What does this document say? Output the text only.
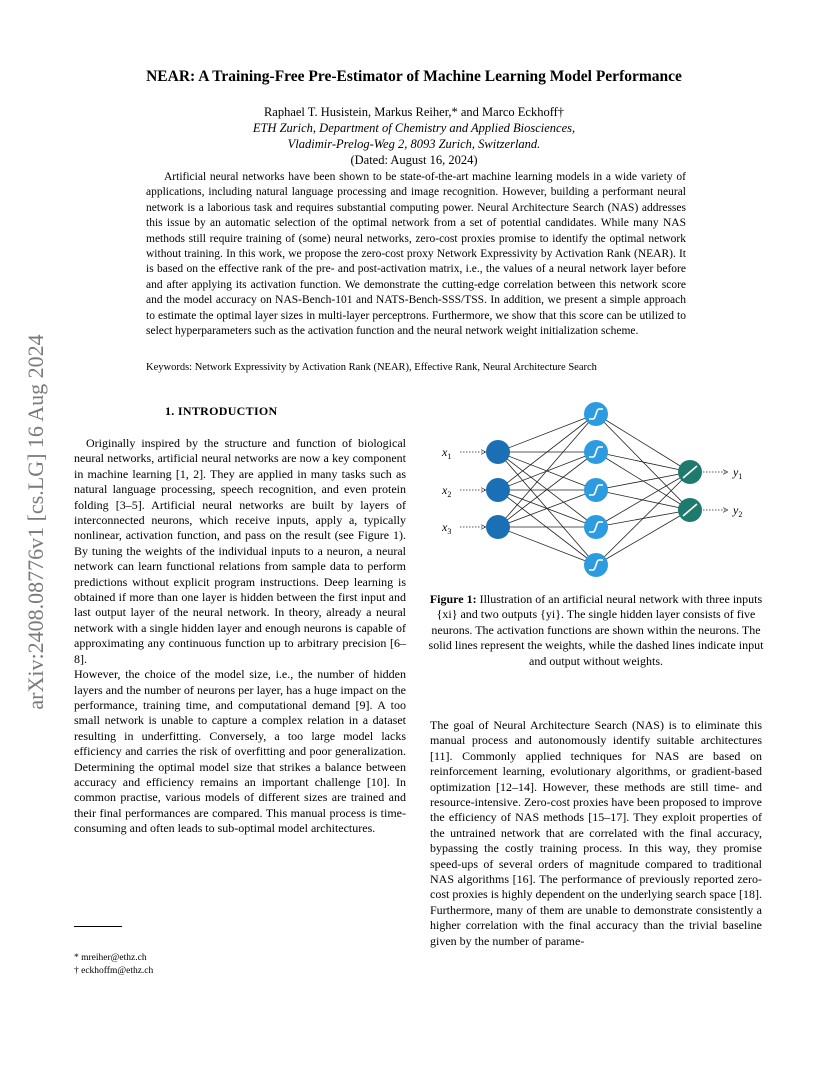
arXiv:2408.08776v1 [cs.LG] 16 Aug 2024
NEAR: A Training-Free Pre-Estimator of Machine Learning Model Performance
Raphael T. Husistein, Markus Reiher,* and Marco Eckhoff†
ETH Zurich, Department of Chemistry and Applied Biosciences,
Vladimir-Prelog-Weg 2, 8093 Zurich, Switzerland.
(Dated: August 16, 2024)

Artificial neural networks have been shown to be state-of-the-art machine learning models in a wide variety of applications, including natural language processing and image recognition. However, building a performant neural network is a laborious task and requires substantial computing power. Neural Architecture Search (NAS) addresses this issue by an automatic selection of the optimal network from a set of potential candidates. While many NAS methods still require training of (some) neural networks, zero-cost proxies promise to identify the optimal network without training. In this work, we propose the zero-cost proxy Network Expressivity by Activation Rank (NEAR). It is based on the effective rank of the pre- and post-activation matrix, i.e., the values of a neural network layer before and after applying its activation function. We demonstrate the cutting-edge correlation between this network score and the model accuracy on NAS-Bench-101 and NATS-Bench-SSS/TSS. In addition, we present a simple approach to estimate the optimal layer sizes in multi-layer perceptrons. Furthermore, we show that this score can be utilized to select hyperparameters such as the activation function and the neural network weight initialization scheme.

Keywords: Network Expressivity by Activation Rank (NEAR), Effective Rank, Neural Architecture Search

1. INTRODUCTION

Originally inspired by the structure and function of biological neural networks, artificial neural networks are now a key component in machine learning [1, 2]. They are applied in many tasks such as natural language processing, speech recognition, and even protein folding [3–5]. Artificial neural networks are built by layers of interconnected neurons, which receive inputs, apply a, typically nonlinear, activation function, and pass on the result (see Figure 1). By tuning the weights of the individual inputs to a neuron, a neural network can learn functional relations from sample data to perform predictions without explicit program instructions. Deep learning is obtained if more than one layer is hidden between the first input and last output layer of the neural network. In theory, already a neural network with a single hidden layer and enough neurons is capable of approximating any continuous function up to arbitrary precision [6–8].

However, the choice of the model size, i.e., the number of hidden layers and the number of neurons per layer, has a huge impact on the performance, training time, and computational demand [9]. A too small network is unable to capture a complex relation in a dataset resulting in underfitting. Conversely, a too large model lacks efficiency and carries the risk of overfitting and poor generalization. Determining the optimal model size that strikes a balance between accuracy and efficiency remains an important challenge [10]. In common practise, various models of different sizes are trained and their final performances are compared. This manual process is time-consuming and often leads to sub-optimal model architectures.

* mreiher@ethz.ch
† eckhoffm@ethz.ch
$x_1$
$x_2$
$x_3$
$y_1$
$y_2$

Figure 1: Illustration of an artificial neural network with three inputs {xi} and two outputs {yi}. The single hidden layer consists of five neurons. The activation functions are shown within the neurons. The solid lines represent the weights, while the dashed lines indicate input and output without weights.

The goal of Neural Architecture Search (NAS) is to eliminate this manual process and autonomously identify suitable architectures [11]. Commonly applied techniques for NAS are based on reinforcement learning, evolutionary algorithms, or gradient-based optimization [12–14]. However, these methods are still time- and resource-intensive. Zero-cost proxies have been proposed to improve the efficiency of NAS methods [15–17]. They exploit properties of the untrained network that are correlated with the final accuracy, bypassing the costly training process. In this way, they promise speed-ups of several orders of magnitude compared to traditional NAS algorithms [16]. The performance of previously reported zero-cost proxies is highly dependent on the underlying search space [18]. Furthermore, many of them are unable to demonstrate consistently a higher correlation with the final accuracy than the trivial baseline given by the number of parame-
